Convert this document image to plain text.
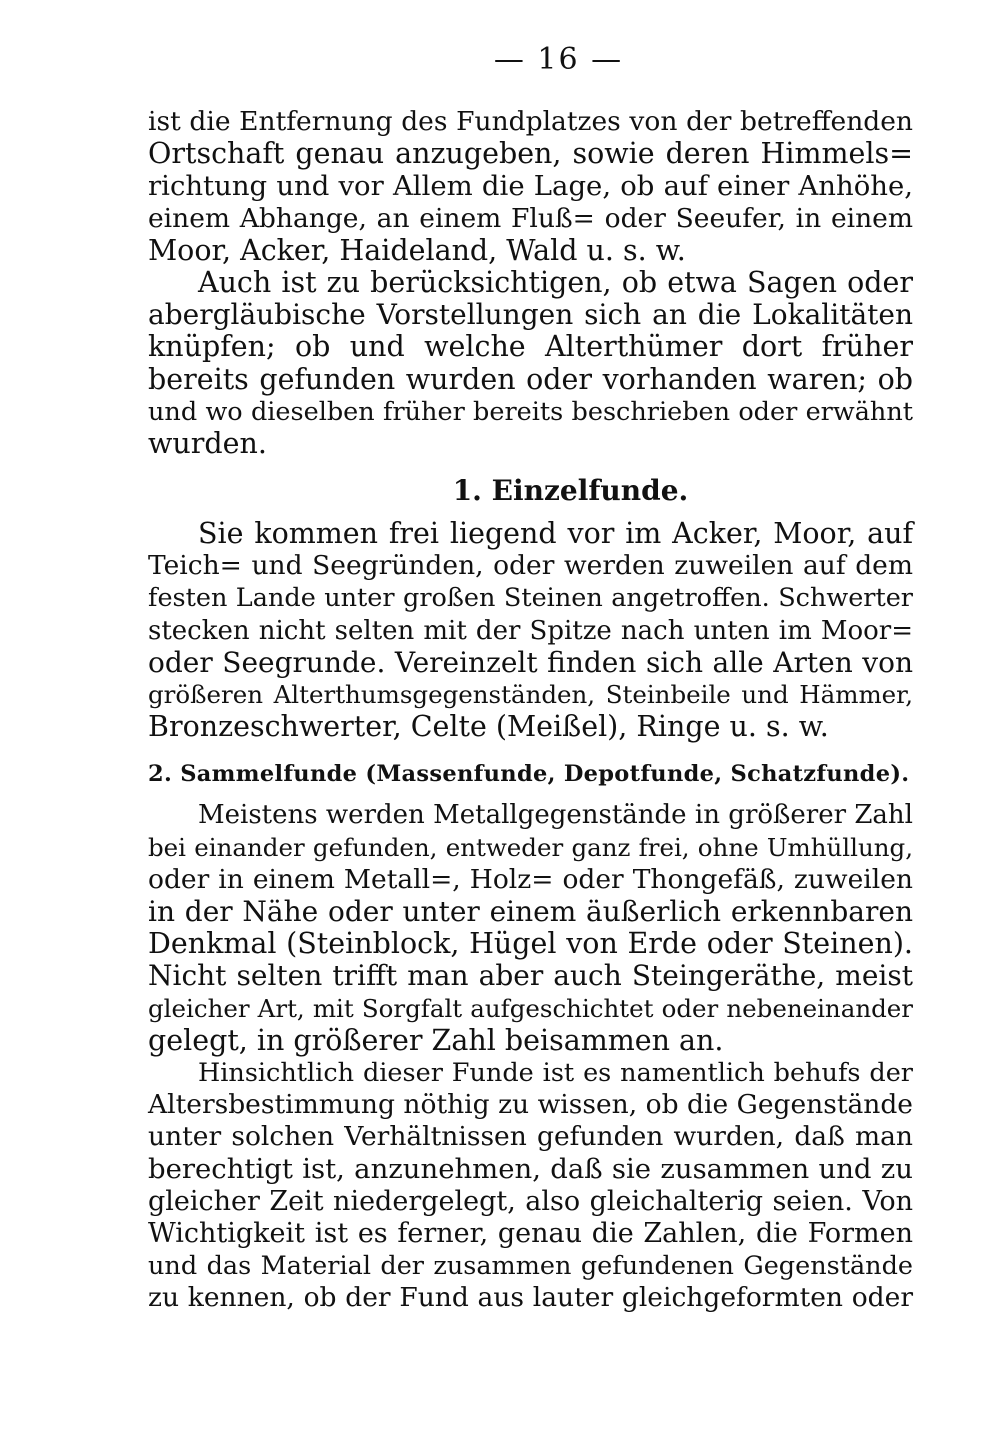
— 16 —
ist die Entfernung des Fundplatzes von der betreffenden
Ortschaft genau anzugeben, sowie deren Himmels=
richtung und vor Allem die Lage, ob auf einer Anhöhe,
einem Abhange, an einem Fluß= oder Seeufer, in einem
Moor, Acker, Haideland, Wald u. s. w.
Auch ist zu berücksichtigen, ob etwa Sagen oder
abergläubische Vorstellungen sich an die Lokalitäten
knüpfen; ob und welche Alterthümer dort früher
bereits gefunden wurden oder vorhanden waren; ob
und wo dieselben früher bereits beschrieben oder erwähnt
wurden.
1. Einzelfunde.
Sie kommen frei liegend vor im Acker, Moor, auf
Teich= und Seegründen, oder werden zuweilen auf dem
festen Lande unter großen Steinen angetroffen. Schwerter
stecken nicht selten mit der Spitze nach unten im Moor=
oder Seegrunde. Vereinzelt finden sich alle Arten von
größeren Alterthumsgegenständen, Steinbeile und Hämmer,
Bronzeschwerter, Celte (Meißel), Ringe u. s. w.
2. Sammelfunde (Massenfunde, Depotfunde, Schatzfunde).
Meistens werden Metallgegenstände in größerer Zahl
bei einander gefunden, entweder ganz frei, ohne Umhüllung,
oder in einem Metall=, Holz= oder Thongefäß, zuweilen
in der Nähe oder unter einem äußerlich erkennbaren
Denkmal (Steinblock, Hügel von Erde oder Steinen).
Nicht selten trifft man aber auch Steingeräthe, meist
gleicher Art, mit Sorgfalt aufgeschichtet oder nebeneinander
gelegt, in größerer Zahl beisammen an.
Hinsichtlich dieser Funde ist es namentlich behufs der
Altersbestimmung nöthig zu wissen, ob die Gegenstände
unter solchen Verhältnissen gefunden wurden, daß man
berechtigt ist, anzunehmen, daß sie zusammen und zu
gleicher Zeit niedergelegt, also gleichalterig seien. Von
Wichtigkeit ist es ferner, genau die Zahlen, die Formen
und das Material der zusammen gefundenen Gegenstände
zu kennen, ob der Fund aus lauter gleichgeformten oder
